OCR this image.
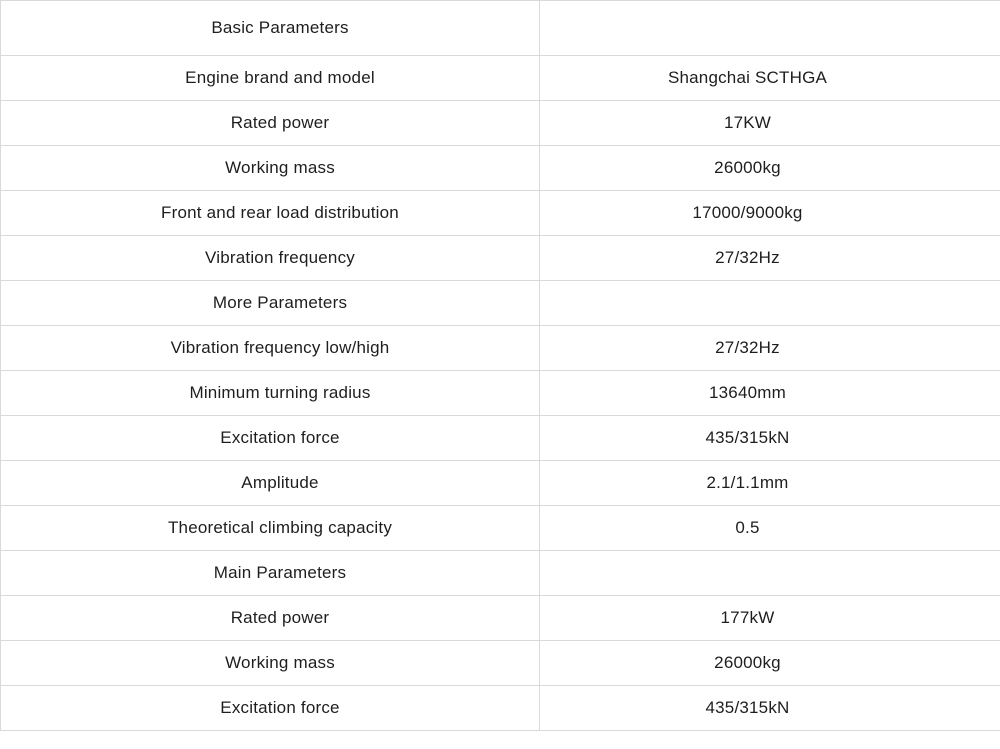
Basic Parameters	
Engine brand and model	Shangchai SCTHGA
Rated power	17KW
Working mass	26000kg
Front and rear load distribution	17000/9000kg
Vibration frequency	27/32Hz
More Parameters	
Vibration frequency low/high	27/32Hz
Minimum turning radius	13640mm
Excitation force	435/315kN
Amplitude	2.1/1.1mm
Theoretical climbing capacity	0.5
Main Parameters	
Rated power	177kW
Working mass	26000kg
Excitation force	435/315kN
